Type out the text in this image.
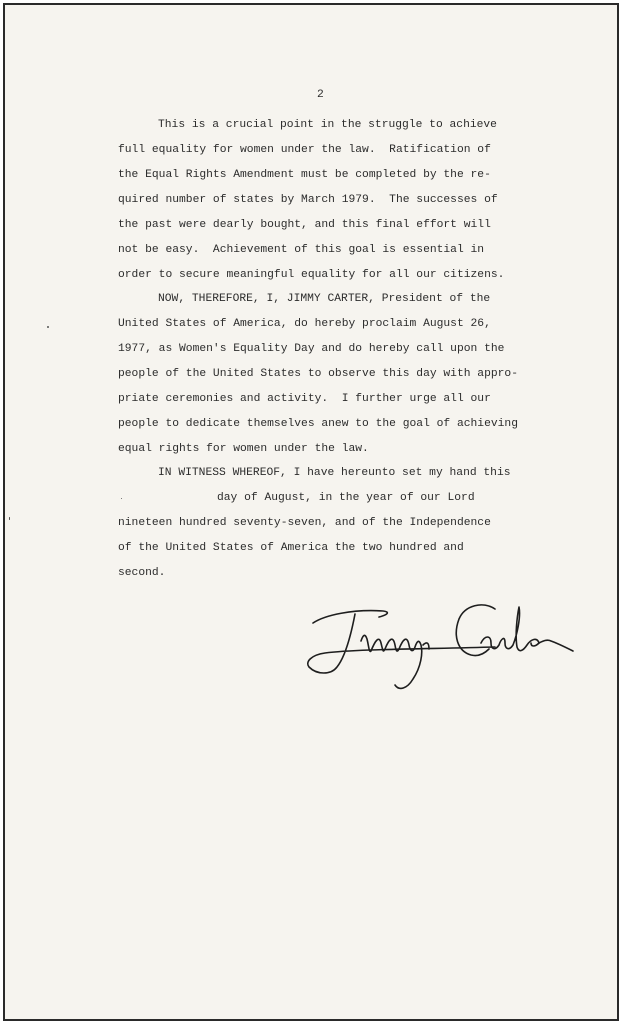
2

This is a crucial point in the struggle to achieve

full equality for women under the law.  Ratification of

the Equal Rights Amendment must be completed by the re-

quired number of states by March 1979.  The successes of

the past were dearly bought, and this final effort will

not be easy.  Achievement of this goal is essential in

order to secure meaningful equality for all our citizens.

NOW, THEREFORE, I, JIMMY CARTER, President of the

United States of America, do hereby proclaim August 26,

1977, as Women's Equality Day and do hereby call upon the

people of the United States to observe this day with appro-

priate ceremonies and activity.  I further urge all our

people to dedicate themselves anew to the goal of achieving

equal rights for women under the law.

IN WITNESS WHEREOF, I have hereunto set my hand this

day of August, in the year of our Lord

nineteen hundred seventy-seven, and of the Independence

of the United States of America the two hundred and

second.
